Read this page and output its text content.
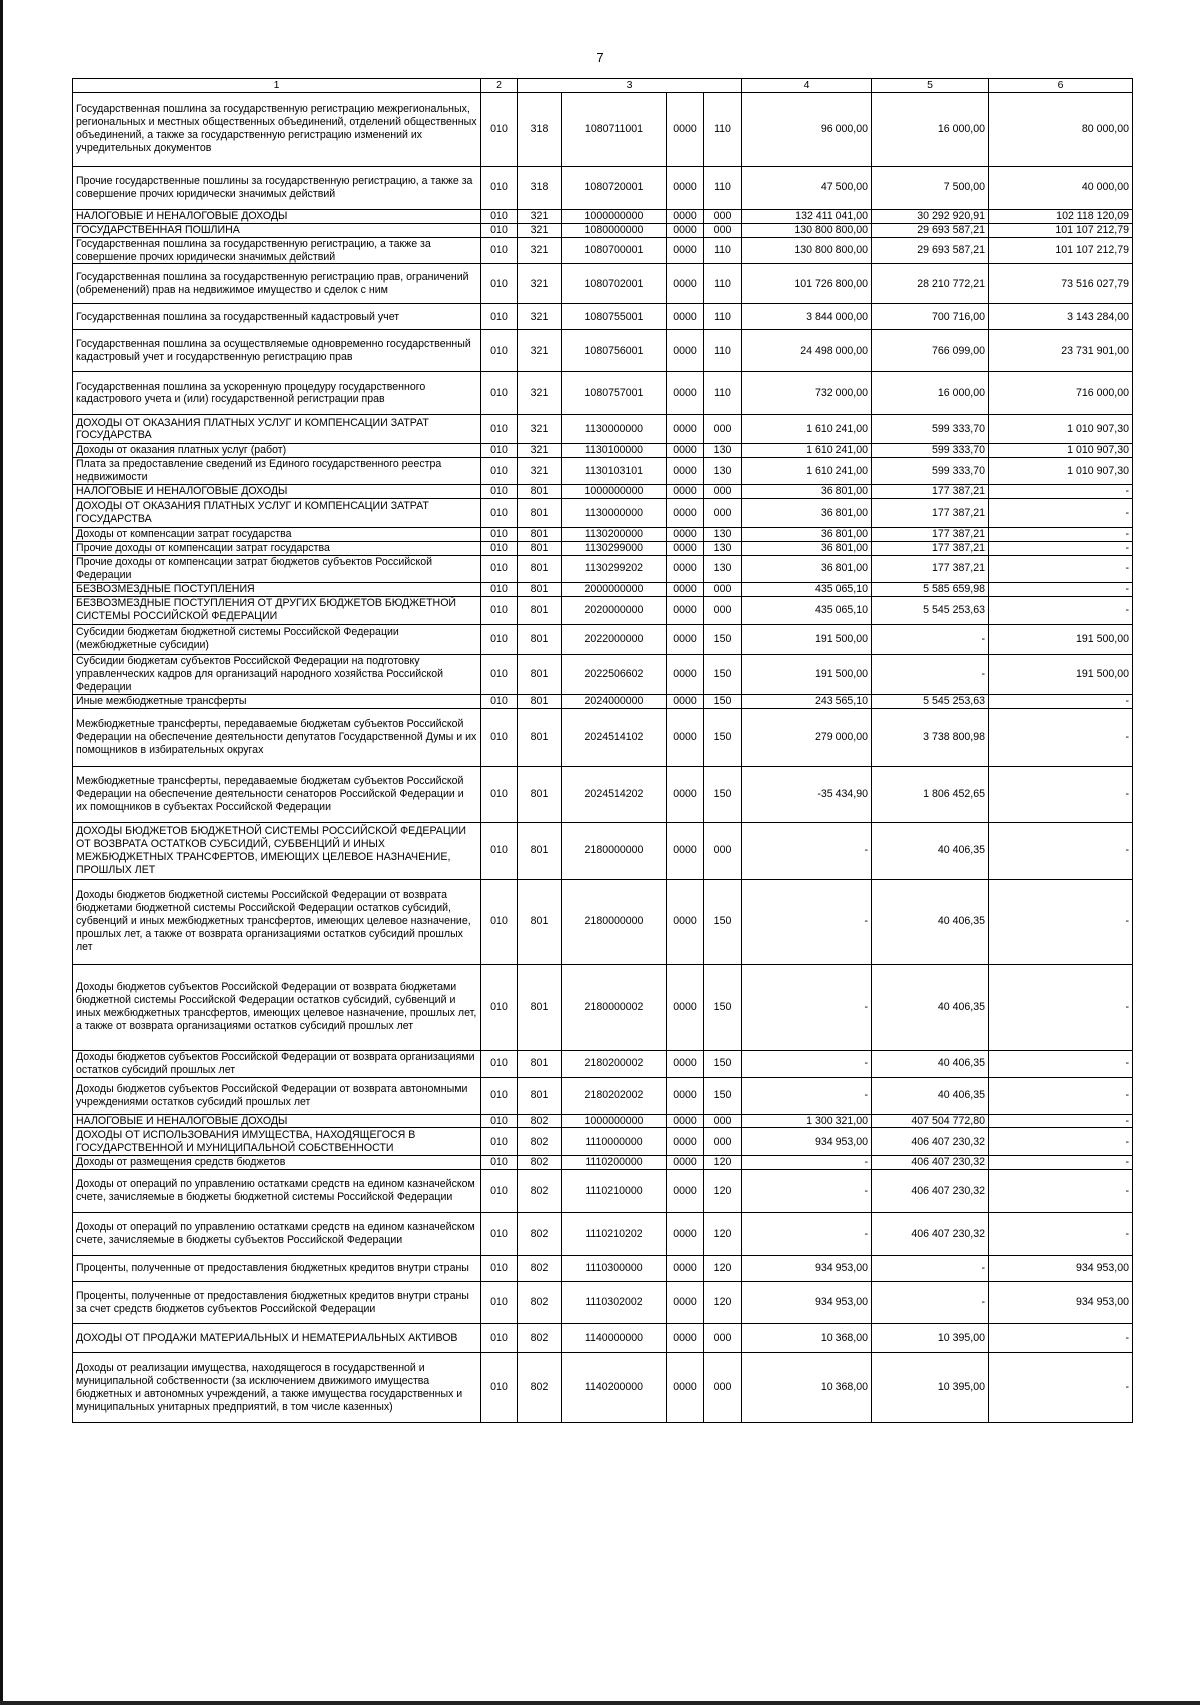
7
1	2	3				4	5	6
Государственная пошлина за государственную регистрацию межрегиональных, региональных и местных общественных объединений, отделений общественных объединений, а также за государственную регистрацию изменений их учредительных документов	010	318	1080711001	0000	110	96 000,00	16 000,00	80 000,00
Прочие государственные пошлины за государственную регистрацию, а также за совершение прочих юридически значимых действий	010	318	1080720001	0000	110	47 500,00	7 500,00	40 000,00
НАЛОГОВЫЕ И НЕНАЛОГОВЫЕ ДОХОДЫ	010	321	1000000000	0000	000	132 411 041,00	30 292 920,91	102 118 120,09
ГОСУДАРСТВЕННАЯ ПОШЛИНА	010	321	1080000000	0000	000	130 800 800,00	29 693 587,21	101 107 212,79
Государственная пошлина за государственную регистрацию, а также за совершение прочих юридически значимых действий	010	321	1080700001	0000	110	130 800 800,00	29 693 587,21	101 107 212,79
Государственная пошлина за государственную регистрацию прав, ограничений (обременений) прав на недвижимое имущество и сделок с ним	010	321	1080702001	0000	110	101 726 800,00	28 210 772,21	73 516 027,79
Государственная пошлина за государственный кадастровый учет	010	321	1080755001	0000	110	3 844 000,00	700 716,00	3 143 284,00
Государственная пошлина за осуществляемые одновременно государственный кадастровый учет и государственную регистрацию прав	010	321	1080756001	0000	110	24 498 000,00	766 099,00	23 731 901,00
Государственная пошлина за ускоренную процедуру государственного кадастрового учета и (или) государственной регистрации прав	010	321	1080757001	0000	110	732 000,00	16 000,00	716 000,00
ДОХОДЫ ОТ ОКАЗАНИЯ ПЛАТНЫХ УСЛУГ И КОМПЕНСАЦИИ ЗАТРАТ ГОСУДАРСТВА	010	321	1130000000	0000	000	1 610 241,00	599 333,70	1 010 907,30
Доходы от оказания платных услуг (работ)	010	321	1130100000	0000	130	1 610 241,00	599 333,70	1 010 907,30
Плата за предоставление сведений из Единого государственного реестра недвижимости	010	321	1130103101	0000	130	1 610 241,00	599 333,70	1 010 907,30
НАЛОГОВЫЕ И НЕНАЛОГОВЫЕ ДОХОДЫ	010	801	1000000000	0000	000	36 801,00	177 387,21	-
ДОХОДЫ ОТ ОКАЗАНИЯ ПЛАТНЫХ УСЛУГ И КОМПЕНСАЦИИ ЗАТРАТ ГОСУДАРСТВА	010	801	1130000000	0000	000	36 801,00	177 387,21	-
Доходы от компенсации затрат государства	010	801	1130200000	0000	130	36 801,00	177 387,21	-
Прочие доходы от компенсации затрат государства	010	801	1130299000	0000	130	36 801,00	177 387,21	-
Прочие доходы от компенсации затрат бюджетов субъектов Российской Федерации	010	801	1130299202	0000	130	36 801,00	177 387,21	-
БЕЗВОЗМЕЗДНЫЕ ПОСТУПЛЕНИЯ	010	801	2000000000	0000	000	435 065,10	5 585 659,98	-
БЕЗВОЗМЕЗДНЫЕ ПОСТУПЛЕНИЯ ОТ ДРУГИХ БЮДЖЕТОВ БЮДЖЕТНОЙ СИСТЕМЫ РОССИЙСКОЙ ФЕДЕРАЦИИ	010	801	2020000000	0000	000	435 065,10	5 545 253,63	-
Субсидии бюджетам бюджетной системы Российской Федерации (межбюджетные субсидии)	010	801	2022000000	0000	150	191 500,00	-	191 500,00
Субсидии бюджетам субъектов Российской Федерации на подготовку управленческих кадров для организаций народного хозяйства Российской Федерации	010	801	2022506602	0000	150	191 500,00	-	191 500,00
Иные межбюджетные трансферты	010	801	2024000000	0000	150	243 565,10	5 545 253,63	-
Межбюджетные трансферты, передаваемые бюджетам субъектов Российской Федерации на обеспечение деятельности депутатов Государственной Думы и их помощников в избирательных округах	010	801	2024514102	0000	150	279 000,00	3 738 800,98	-
Межбюджетные трансферты, передаваемые бюджетам субъектов Российской Федерации на обеспечение деятельности сенаторов Российской Федерации и их помощников в субъектах Российской Федерации	010	801	2024514202	0000	150	-35 434,90	1 806 452,65	-
ДОХОДЫ БЮДЖЕТОВ БЮДЖЕТНОЙ СИСТЕМЫ РОССИЙСКОЙ ФЕДЕРАЦИИ ОТ ВОЗВРАТА ОСТАТКОВ СУБСИДИЙ, СУБВЕНЦИЙ И ИНЫХ МЕЖБЮДЖЕТНЫХ ТРАНСФЕРТОВ, ИМЕЮЩИХ ЦЕЛЕВОЕ НАЗНАЧЕНИЕ, ПРОШЛЫХ ЛЕТ	010	801	2180000000	0000	000	-	40 406,35	-
Доходы бюджетов бюджетной системы Российской Федерации от возврата бюджетами бюджетной системы Российской Федерации остатков субсидий, субвенций и иных межбюджетных трансфертов, имеющих целевое назначение, прошлых лет, а также от возврата организациями остатков субсидий прошлых лет	010	801	2180000000	0000	150	-	40 406,35	-
Доходы бюджетов субъектов Российской Федерации от возврата бюджетами бюджетной системы Российской Федерации остатков субсидий, субвенций и иных межбюджетных трансфертов, имеющих целевое назначение, прошлых лет, а также от возврата организациями остатков субсидий прошлых лет	010	801	2180000002	0000	150	-	40 406,35	-
Доходы бюджетов субъектов Российской Федерации от возврата организациями остатков субсидий прошлых лет	010	801	2180200002	0000	150	-	40 406,35	-
Доходы бюджетов субъектов Российской Федерации от возврата автономными учреждениями остатков субсидий прошлых лет	010	801	2180202002	0000	150	-	40 406,35	-
НАЛОГОВЫЕ И НЕНАЛОГОВЫЕ ДОХОДЫ	010	802	1000000000	0000	000	1 300 321,00	407 504 772,80	-
ДОХОДЫ ОТ ИСПОЛЬЗОВАНИЯ ИМУЩЕСТВА, НАХОДЯЩЕГОСЯ В ГОСУДАРСТВЕННОЙ И МУНИЦИПАЛЬНОЙ СОБСТВЕННОСТИ	010	802	1110000000	0000	000	934 953,00	406 407 230,32	-
Доходы от размещения средств бюджетов	010	802	1110200000	0000	120	-	406 407 230,32	-
Доходы от операций по управлению остатками средств на едином казначейском счете, зачисляемые в бюджеты бюджетной системы Российской Федерации	010	802	1110210000	0000	120	-	406 407 230,32	-
Доходы от операций по управлению остатками средств на едином казначейском счете, зачисляемые в бюджеты субъектов Российской Федерации	010	802	1110210202	0000	120	-	406 407 230,32	-
Проценты, полученные от предоставления бюджетных кредитов внутри страны	010	802	1110300000	0000	120	934 953,00	-	934 953,00
Проценты, полученные от предоставления бюджетных кредитов внутри страны за счет средств бюджетов субъектов Российской Федерации	010	802	1110302002	0000	120	934 953,00	-	934 953,00
ДОХОДЫ ОТ ПРОДАЖИ МАТЕРИАЛЬНЫХ И НЕМАТЕРИАЛЬНЫХ АКТИВОВ	010	802	1140000000	0000	000	10 368,00	10 395,00	-
Доходы от реализации имущества, находящегося в государственной и муниципальной собственности (за исключением движимого имущества бюджетных и автономных учреждений, а также имущества государственных и муниципальных унитарных предприятий, в том числе казенных)	010	802	1140200000	0000	000	10 368,00	10 395,00	-
